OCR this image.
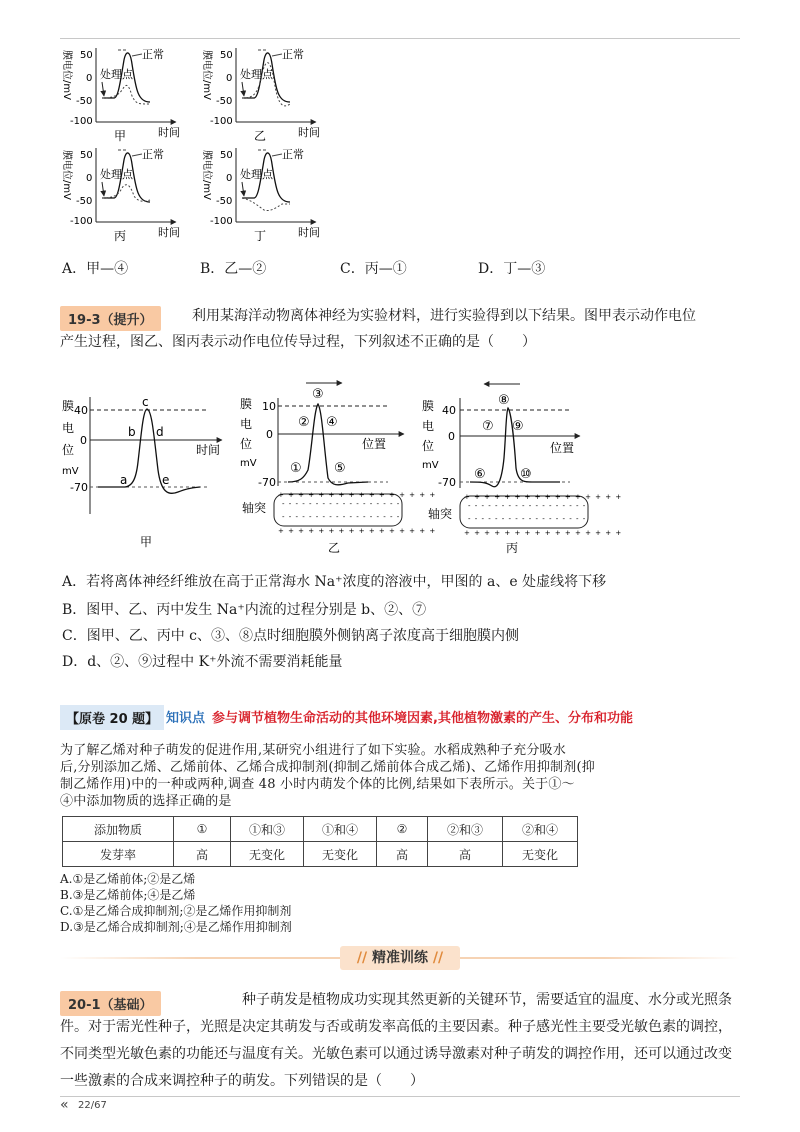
膜电位/mV 50
0
-50
-100
正常
处理点
时间
甲
膜电位/mV 50
0
-50
-100
正常
处理点
时间
乙
膜电位/mV 50
0
-50
-100
正常
处理点
时间
丙
膜电位/mV 50
0
-50
-100
正常
处理点
时间
丁
A．甲—④	B．乙—②	C．丙—①	D．丁—③
19-3（提升）	利用某海洋动物离体神经为实验材料，进行实验得到以下结果。图甲表示动作电位
产生过程，图乙、图丙表示动作电位传导过程，下列叙述不正确的是（　　）
膜
电
位
mV
40
0
-70
时间
a
b
c
d
e
甲
膜
电
位
mV
10
0
-70
位置
①
②
③
④
⑤
轴突
+ + + + + + + + + + + + + + + +
- - - - - - - - - - - - - - - - - -
- - - - - - - - - - - - - - - - - -
+ + + + + + + + + + + + + + + +
乙
膜
电
位
mV
40
0
-70
位置
⑥
⑦
⑧
⑨
⑩
轴突
+ + + + + + + + + + + + + + + +
- - - - - - - - - - - - - - - - - -
- - - - - - - - - - - - - - - - - -
+ + + + + + + + + + + + + + + +
丙
A．若将离体神经纤维放在高于正常海水 Na⁺浓度的溶液中，甲图的 a、e 处虚线将下移
B．图甲、乙、丙中发生 Na⁺内流的过程分别是 b、②、⑦
C．图甲、乙、丙中 c、③、⑧点时细胞膜外侧钠离子浓度高于细胞膜内侧
D．d、②、⑨过程中 K⁺外流不需要消耗能量
【原卷 20 题】 知识点 参与调节植物生命活动的其他环境因素,其他植物激素的产生、分布和功能
为了解乙烯对种子萌发的促进作用,某研究小组进行了如下实验。水稻成熟种子充分吸水
后,分别添加乙烯、乙烯前体、乙烯合成抑制剂(抑制乙烯前体合成乙烯)、乙烯作用抑制剂(抑
制乙烯作用)中的一种或两种,调查 48 小时内萌发个体的比例,结果如下表所示。关于①～
④中添加物质的选择正确的是
添加物质	①	①和③	①和④	②	②和③	②和④
发芽率	高	无变化	无变化	高	高	无变化
A.①是乙烯前体;②是乙烯
B.③是乙烯前体;④是乙烯
C.①是乙烯合成抑制剂;②是乙烯作用抑制剂
D.③是乙烯合成抑制剂;④是乙烯作用抑制剂
// 精准训练 //
20-1（基础）	种子萌发是植物成功实现其然更新的关键环节，需要适宜的温度、水分或光照条
件。对于需光性种子，光照是决定其萌发与否或萌发率高低的主要因素。种子感光性主要受光敏色素的调控，
不同类型光敏色素的功能还与温度有关。光敏色素可以通过诱导激素对种子萌发的调控作用，还可以通过改变
一些激素的合成来调控种子的萌发。下列错误的是（　　）
« 22/67
